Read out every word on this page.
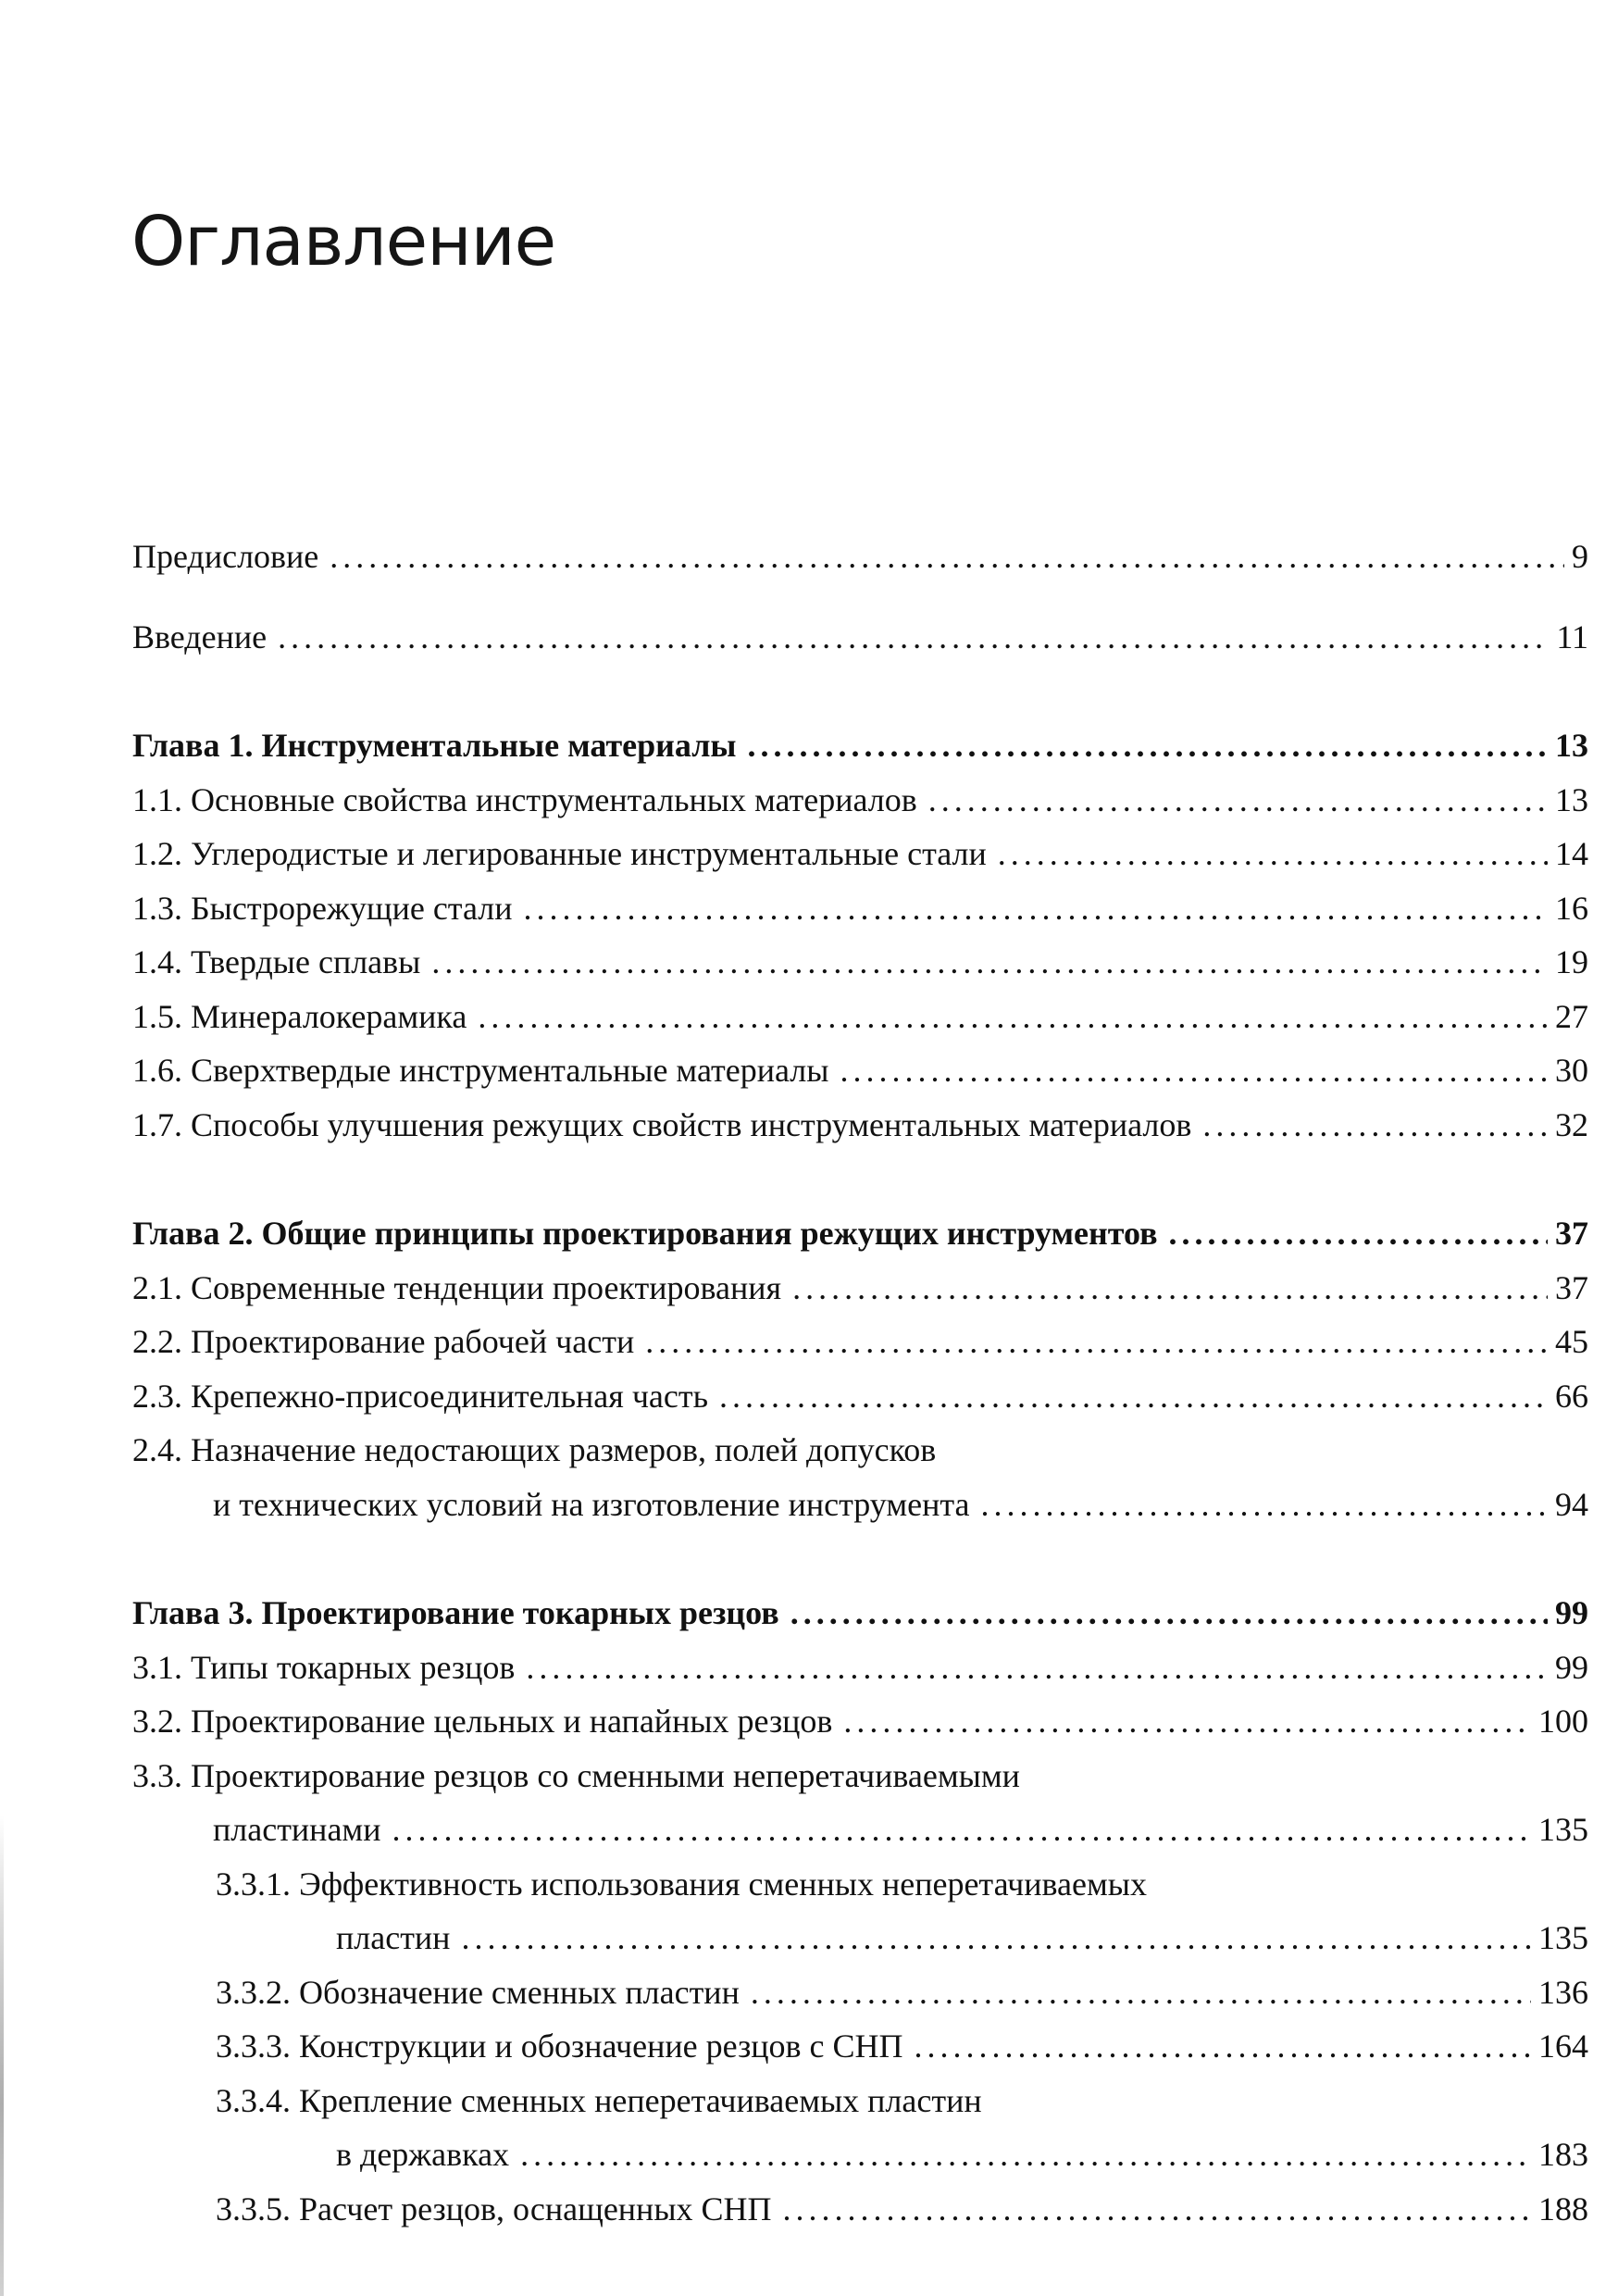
Оглавление
Предисловие . . .	9
Введение . . .	11
Глава 1. Инструментальные материалы . . .	13
1.1.
Основные свойства инструментальных материалов . . .	13
1.2.
Углеродистые и легированные инструментальные стали . . .	14
1.3.
Быстрорежущие стали . . .	16
1.4.
Твердые сплавы . . .	19
1.5.
Минералокерамика . . .	27
1.6.
Сверхтвердые инструментальные материалы . . .	30
1.7.
Способы улучшения режущих свойств инструментальных материалов . . .	32
Глава 2. Общие принципы проектирования режущих инструментов . . .	37
2.1.
Современные тенденции проектирования . . .	37
2.2.
Проектирование рабочей части . . .	45
2.3.
Крепежно-присоединительная часть . . .	66
2.4.
Назначение недостающих размеров, полей допусков
и технических условий на изготовление инструмента . . .	94
Глава 3. Проектирование токарных резцов . . .	99
3.1.
Типы токарных резцов . . .	99
3.2.
Проектирование цельных и напайных резцов . . .	100
3.3.
Проектирование резцов со сменными неперетачиваемыми
пластинами . . .	135
3.3.1.
Эффективность использования сменных неперетачиваемых
пластин . . .	135
3.3.2.
Обозначение сменных пластин . . .	136
3.3.3.
Конструкции и обозначение резцов с СНП . . .	164
3.3.4.
Крепление сменных неперетачиваемых пластин
в державках . . .	183
3.3.5.
Расчет резцов, оснащенных СНП . . .	188
